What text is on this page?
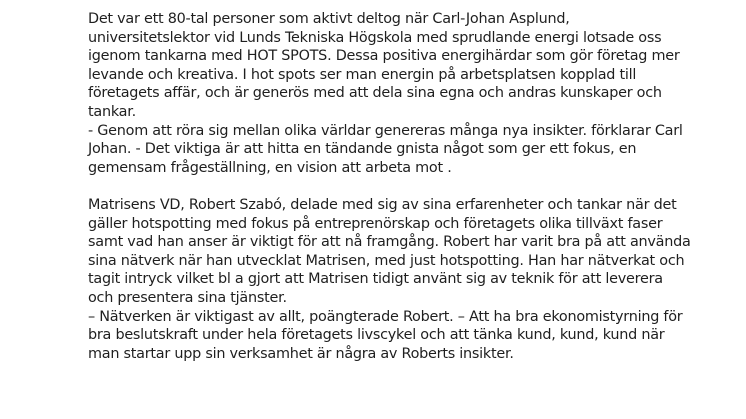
Det var ett 80-tal personer som aktivt deltog när Carl-Johan Asplund,
universitetslektor vid Lunds Tekniska Högskola med sprudlande energi lotsade oss
igenom tankarna med HOT SPOTS. Dessa positiva energihärdar som gör företag mer
levande och kreativa. I hot spots ser man energin på arbetsplatsen kopplad till
företagets affär, och är generös med att dela sina egna och andras kunskaper och
tankar.
- Genom att röra sig mellan olika världar genereras många nya insikter. förklarar Carl
Johan. - Det viktiga är att hitta en tändande gnista något som ger ett fokus, en
gemensam frågeställning, en vision att arbeta mot .

Matrisens VD, Robert Szabó, delade med sig av sina erfarenheter och tankar när det
gäller hotspotting med fokus på entreprenörskap och företagets olika tillväxt faser
samt vad han anser är viktigt för att nå framgång. Robert har varit bra på att använda
sina nätverk när han utvecklat Matrisen, med just hotspotting. Han har nätverkat och
tagit intryck vilket bl a gjort att Matrisen tidigt använt sig av teknik för att leverera
och presentera sina tjänster.
– Nätverken är viktigast av allt, poängterade Robert. – Att ha bra ekonomistyrning för
bra beslutskraft under hela företagets livscykel och att tänka kund, kund, kund när
man startar upp sin verksamhet är några av Roberts insikter.
